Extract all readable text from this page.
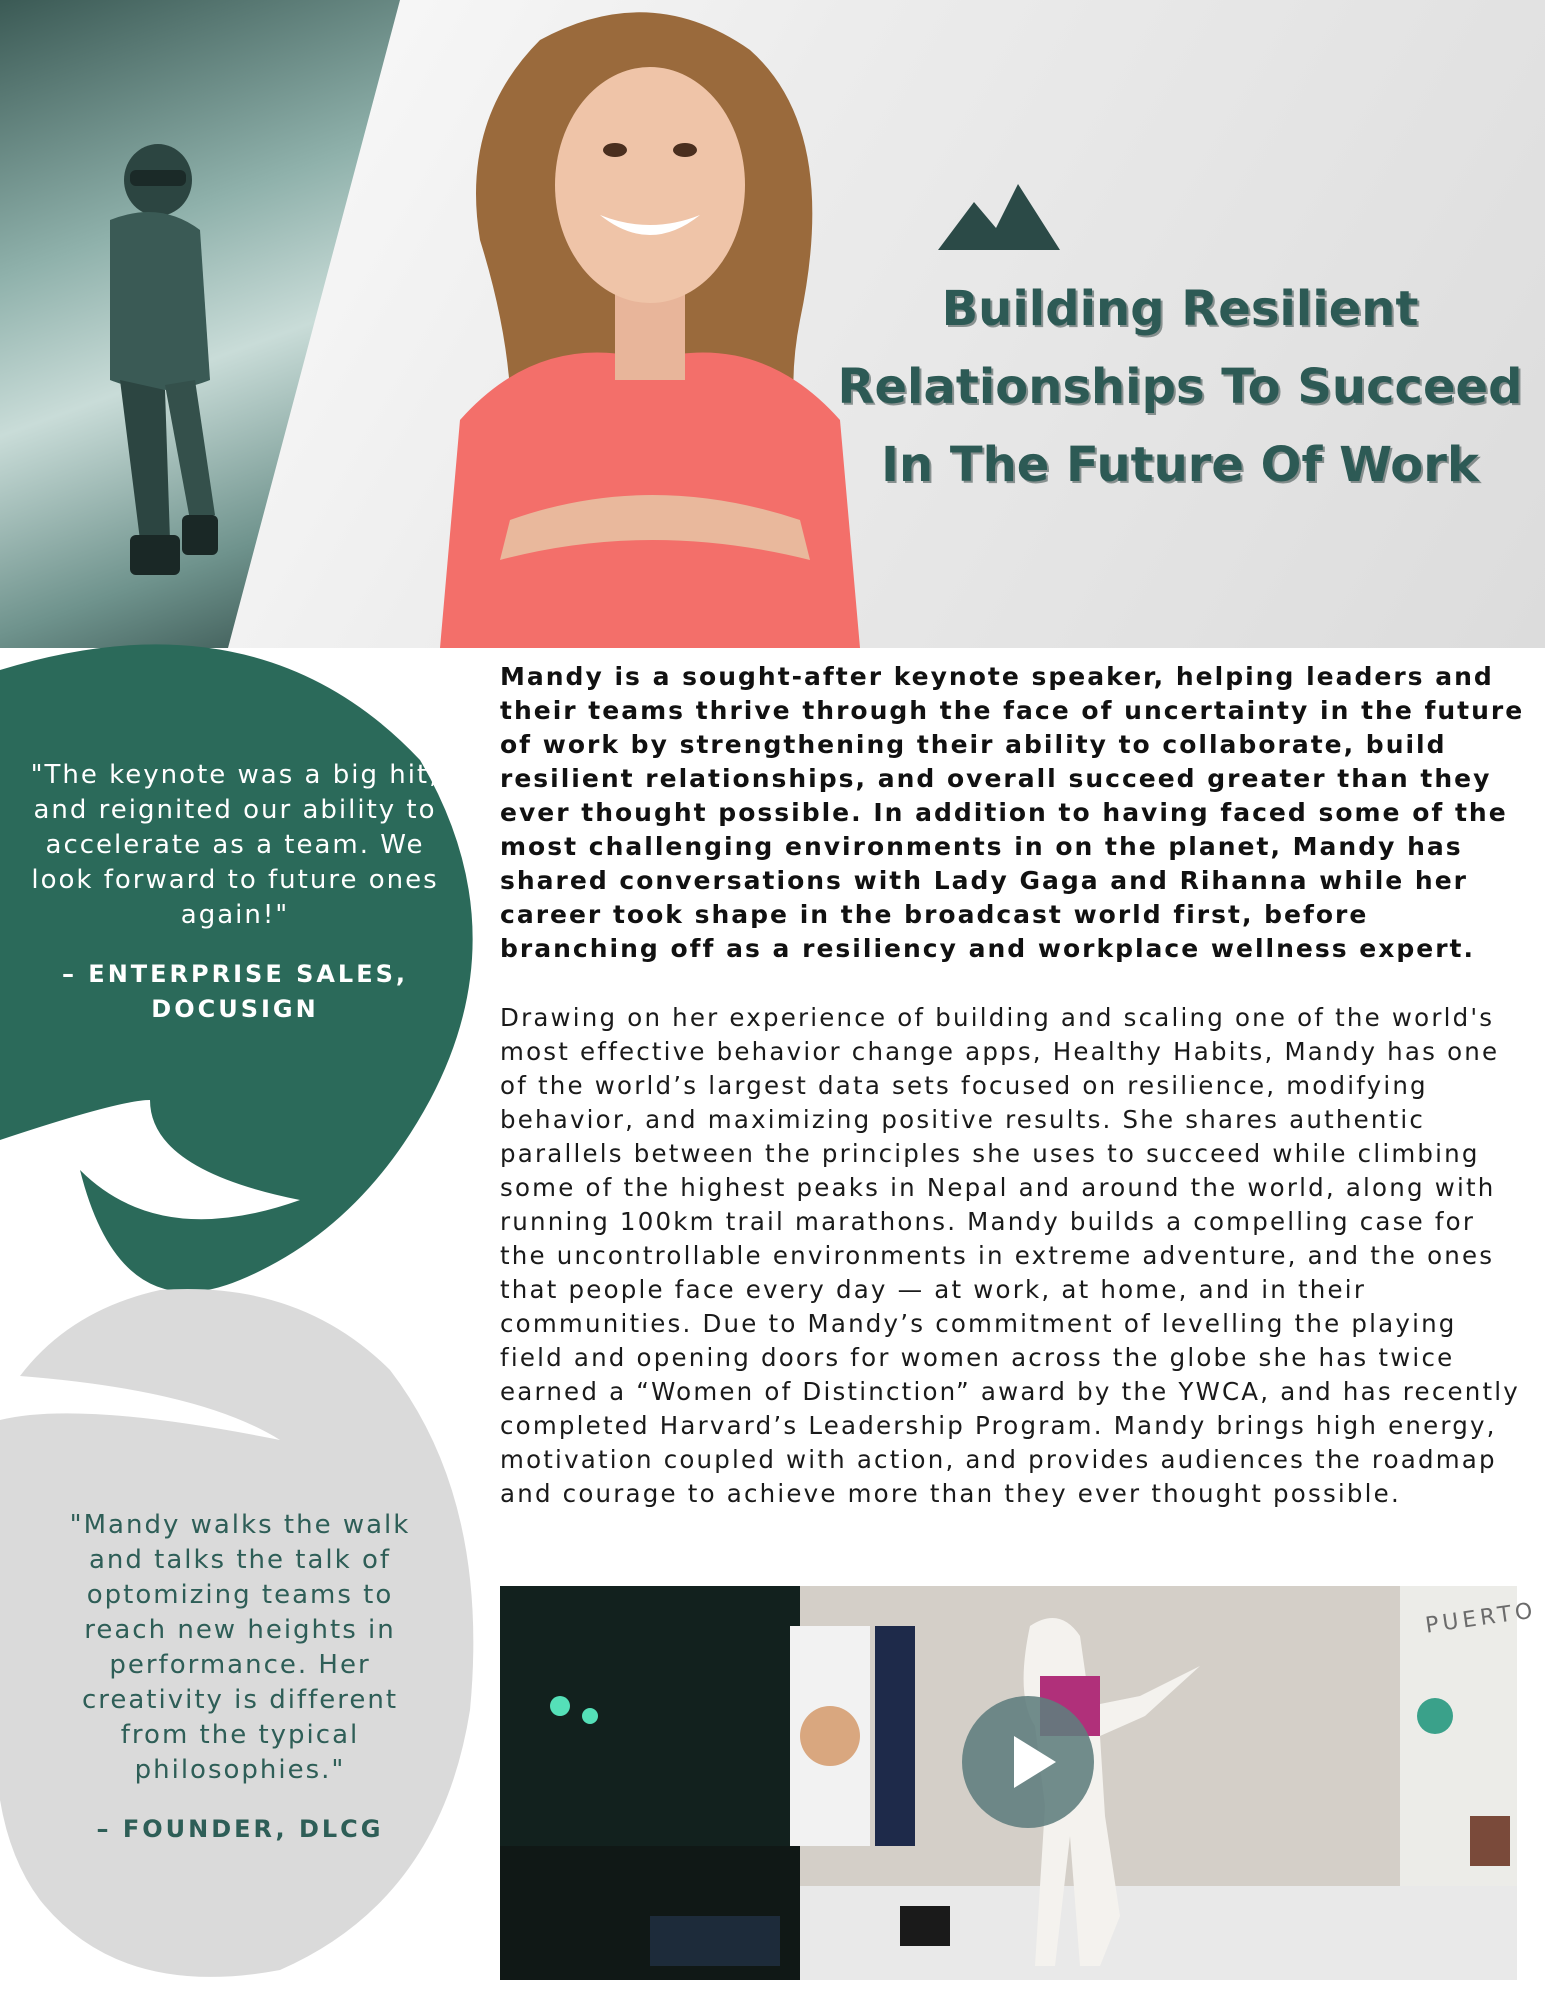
Building Resilient
Relationships To Succeed
In The Future Of Work

"The keynote was a big hit, and reignited our ability to accelerate as a team. We look forward to future ones again!"

– ENTERPRISE SALES, DOCUSIGN

"Mandy walks the walk and talks the talk of optomizing teams to reach new heights in performance. Her creativity is different from the typical philosophies."

– FOUNDER, DLCG

Mandy is a sought-after keynote speaker, helping leaders and their teams thrive through the face of uncertainty in the future of work by strengthening their ability to collaborate, build resilient relationships, and overall succeed greater than they ever thought possible. In addition to having faced some of the most challenging environments in on the planet, Mandy has shared conversations with Lady Gaga and Rihanna while her career took shape in the broadcast world first, before branching off as a resiliency and workplace wellness expert.

Drawing on her experience of building and scaling one of the world's most effective behavior change apps, Healthy Habits, Mandy has one of the world’s largest data sets focused on resilience, modifying behavior, and maximizing positive results. She shares authentic parallels between the principles she uses to succeed while climbing some of the highest peaks in Nepal and around the world, along with running 100km trail marathons. Mandy builds a compelling case for the uncontrollable environments in extreme adventure, and the ones that people face every day — at work, at home, and in their communities. Due to Mandy’s commitment of levelling the playing field and opening doors for women across the globe she has twice earned a “Women of Distinction” award by the YWCA, and has recently completed Harvard’s Leadership Program. Mandy brings high energy, motivation coupled with action, and provides audiences the roadmap and courage to achieve more than they ever thought possible.

PUERTO
